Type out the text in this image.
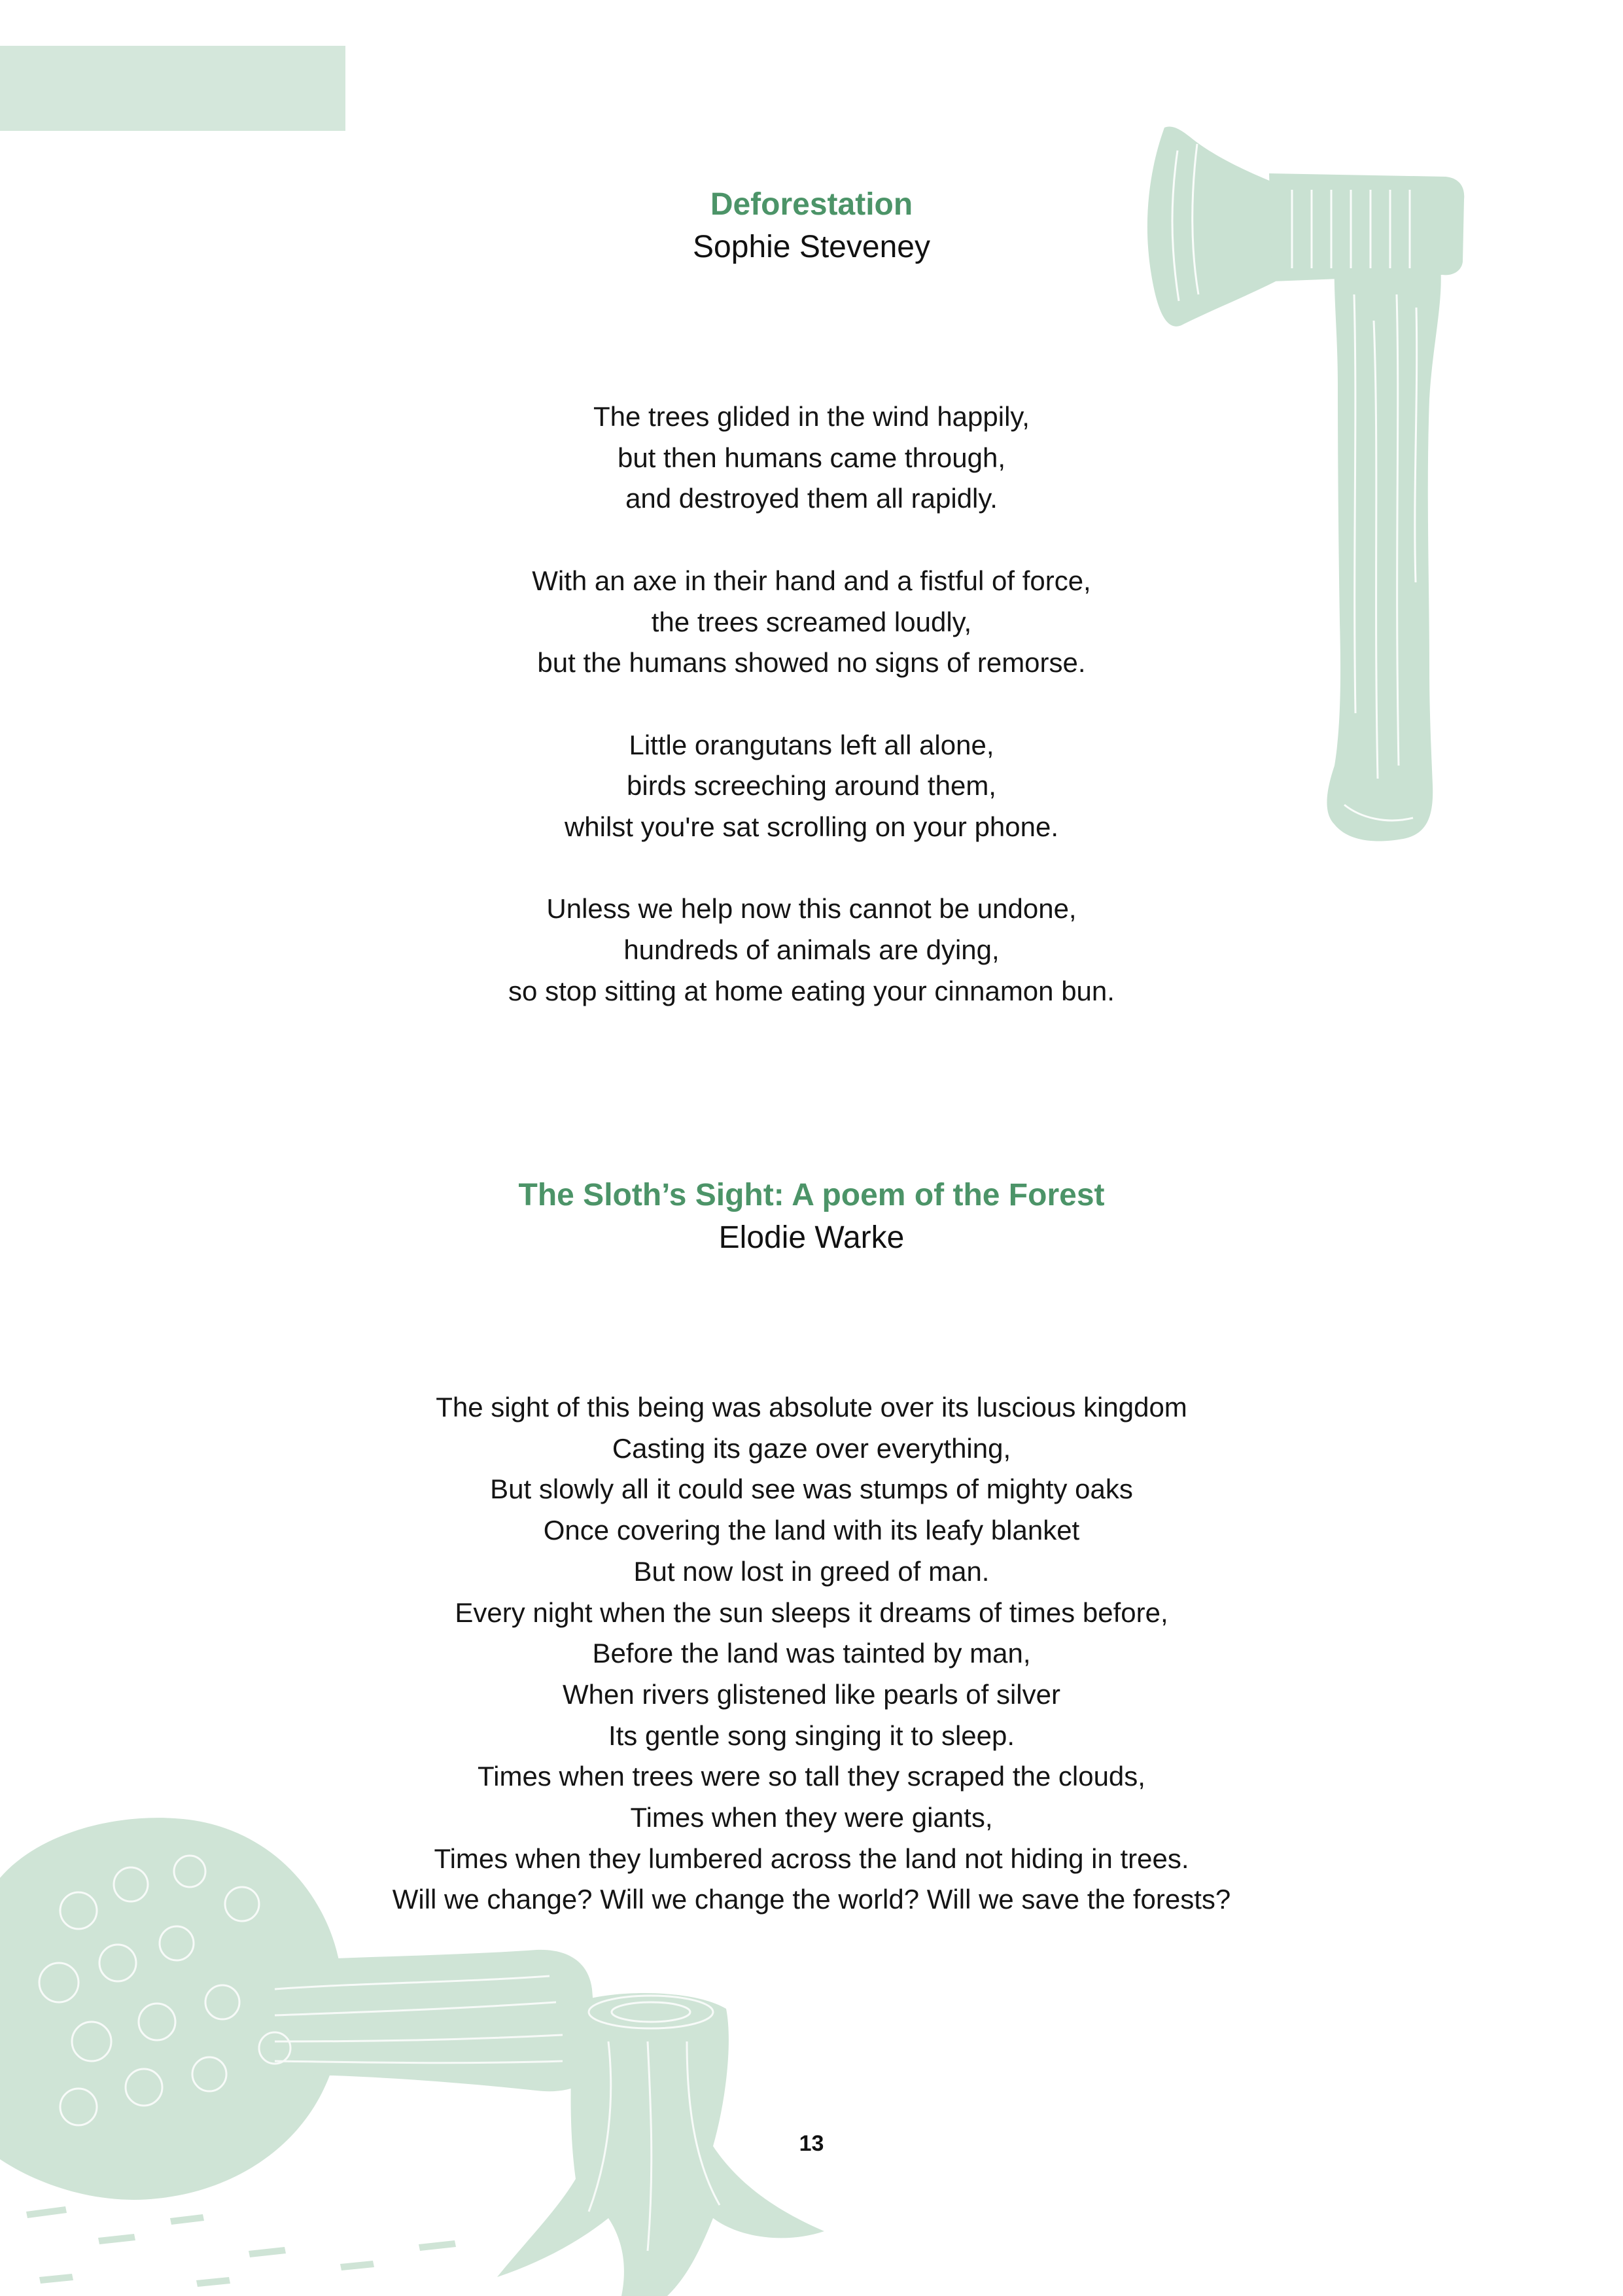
Deforestation
Sophie Steveney
The trees glided in the wind happily,
but then humans came through,
and destroyed them all rapidly.
With an axe in their hand and a fistful of force,
the trees screamed loudly,
but the humans showed no signs of remorse.
Little orangutans left all alone,
birds screeching around them,
whilst you're sat scrolling on your phone.
Unless we help now this cannot be undone,
hundreds of animals are dying,
so stop sitting at home eating your cinnamon bun.
The Sloth’s Sight: A poem of the Forest
Elodie Warke
The sight of this being was absolute over its luscious kingdom
Casting its gaze over everything,
But slowly all it could see was stumps of mighty oaks
Once covering the land with its leafy blanket
But now lost in greed of man.
Every night when the sun sleeps it dreams of times before,
Before the land was tainted by man,
When rivers glistened like pearls of silver
Its gentle song singing it to sleep.
Times when trees were so tall they scraped the clouds,
Times when they were giants,
Times when they lumbered across the land not hiding in trees.
Will we change? Will we change the world? Will we save the forests?
13
